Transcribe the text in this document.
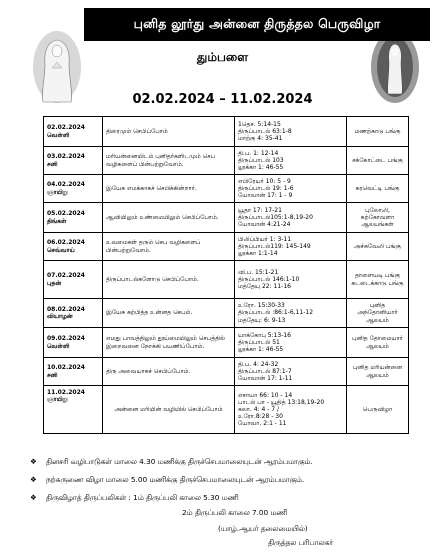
புனித லூர்து அன்னை திருத்தல பெருவிழா
தும்பளை
02.02.2024 – 11.02.2024
02.02.2024
வெள்ளி	திரைமும் செபிப்போம்	1தெச. 5:14-15
திருப்பாடல் 63:1-8
மாற்கு 4: 35-41	மணற்காடு பங்கு

03.02.2024
சனி	மரியன்னையிடம் புனிதர்களிடமும் செப வழிகளைப் பின்பற்றுவோம்.	தி.ப. 1: 12-14
திருப்பாடல் 103
லூக்கா 1: 46-55	சக்கோட்டை பங்கு

04.02.2024
ஞாயிறு	இயேசு எமக்காகச் செபிக்கின்றார்.	எபிரேயர் 10: 5 - 9
திருப்பாடல் 19: 1-6
யோவான் 17: 1 - 9	கரவெட்டி பங்கு

05.02.2024
திங்கள்	ஆவியிலும் உண்மையிலும் செபிப்போம்.	யூதா 17: 17-21
திருப்பாடல்105:1-8,19-20
யோவான் 4:21-24	புலோலி, கற்கோவளா ஆலயங்கள்

06.02.2024
செவ்வாய்	உவமைகள் தரும் செப வழிகளைப் பின்பற்றுவோம்.	பிலிப்பியர் 1: 3-11
திருப்பாடல்119: 145-149
லூக்கா 1:1-14	அச்சுவேலி பங்கு

07.02.2024
புதன்	திருப்பாடல்களோடு செபிப்போம்.	வி.ப. 15:1-21
திருப்பாடல் 146:1-10
மத்தேயு 22: 11-16	தாளையடி பங்கு கடடைக்காடு பங்கு

08.02.2024
வியாழன்	இயேசு கற்பித்த உன்னத செபம்.	உரோ. 15:30-33
திருப்பாடல் :86:1-6,11-12
மத்தேயு: 6: 9-13	புனித அந்தோனியார் ஆலயம்

09.02.2024
வெள்ளி	எமது பாவத்திலும் தூய்மையிலும் செபத்தில் இறைவனை நோக்கி பயணிப்போம்.	யாக்கோபு 5:13-16
திருப்பாடல் 51
லூக்கா 1: 46-55	புனித தோமையார் ஆலயம்

10.02.2024
சனி	திரு அவையாகச் செபிப்போம்.	தி.ப. 4: 24-32
திருப்பாடல் 87:1-7
யோவான் 17: 1-11	புனித மரியன்னை ஆலயம்

11.02.2024
ஞாயிறு	அன்னை மரியின் வழியில் செபிப்போம்	எசாயா 66: 10 - 14
பாடல் பா - யூதித் 13:18,19-20
கலா. 4: 4 - 7 /
உரோ.8:28 - 30
யோவா. 2:1 - 11	பெருவிழா
❖ தினசரி வழிபாடுகள் மாலை 4.30 மணிக்கு திருச்செபமாலையுடன் ஆரம்பமாகும்.
❖ நற்கருணை விழா மாலை 5.00 மணிக்கு திருச்செபமாலையுடன் ஆரம்பமாகும்.
❖ திருவிழாத் திருப்பலிகள் : 1ம் திருப்பலி காலை 5.30 மணி
2ம் திருப்பலி காலை 7.00 மணி
(யாழ்.ஆயர் தலைமையில்)
திருத்தல பரிபாலகர்
